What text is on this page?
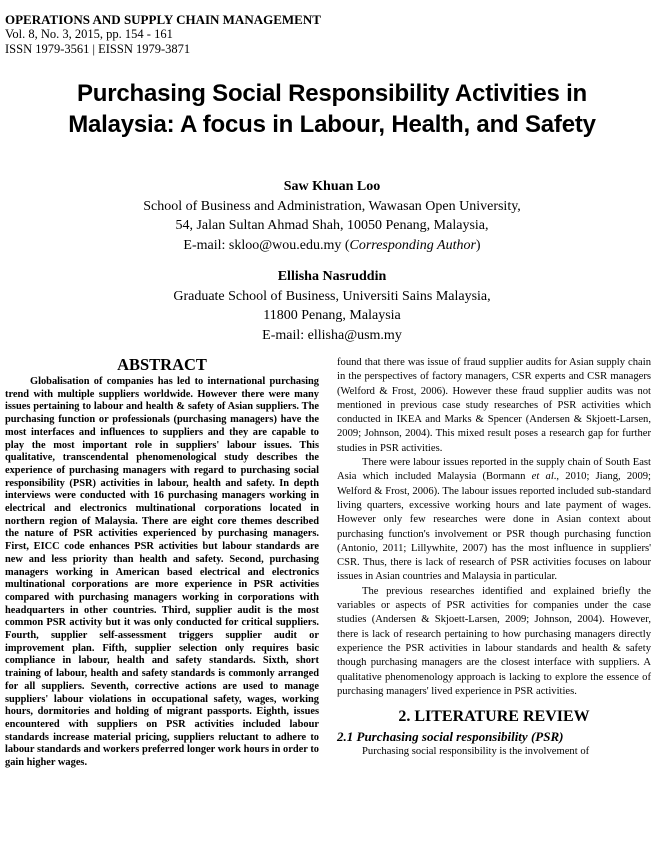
OPERATIONS AND SUPPLY CHAIN MANAGEMENT
Vol. 8, No. 3, 2015, pp. 154 - 161
ISSN 1979-3561 | EISSN 1979-3871
Purchasing Social Responsibility Activities in
Malaysia: A focus in Labour, Health, and Safety
Saw Khuan Loo
School of Business and Administration, Wawasan Open University,
54, Jalan Sultan Ahmad Shah, 10050 Penang, Malaysia,
E-mail: skloo@wou.edu.my (Corresponding Author)
Ellisha Nasruddin
Graduate School of Business, Universiti Sains Malaysia,
11800 Penang, Malaysia
E-mail: ellisha@usm.my
ABSTRACT

Globalisation of companies has led to international purchasing trend with multiple suppliers worldwide. However there were many issues pertaining to labour and health & safety of Asian suppliers. The purchasing function or professionals (purchasing managers) have the most interfaces and influences to suppliers and they are capable to play the most important role in suppliers' labour issues. This qualitative, transcendental phenomenological study describes the experience of purchasing managers with regard to purchasing social responsibility (PSR) activities in labour, health and safety. In depth interviews were conducted with 16 purchasing managers working in electrical and electronics multinational corporations located in northern region of Malaysia. There are eight core themes described the nature of PSR activities experienced by purchasing managers. First, EICC code enhances PSR activities but labour standards are new and less priority than health and safety. Second, purchasing managers working in American based electrical and electronics multinational corporations are more experience in PSR activities compared with purchasing managers working in corporations with headquarters in other countries. Third, supplier audit is the most common PSR activity but it was only conducted for critical suppliers. Fourth, supplier self-assessment triggers supplier audit or improvement plan. Fifth, supplier selection only requires basic compliance in labour, health and safety standards. Sixth, short training of labour, health and safety standards is commonly arranged for all suppliers. Seventh, corrective actions are used to manage suppliers' labour violations in occupational safety, wages, working hours, dormitories and holding of migrant passports. Eighth, issues encountered with suppliers on PSR activities included labour standards increase material pricing, suppliers reluctant to adhere to labour standards and workers preferred longer work hours in order to gain higher wages.

found that there was issue of fraud supplier audits for Asian supply chain in the perspectives of factory managers, CSR experts and CSR managers (Welford & Frost, 2006). However these fraud supplier audits was not mentioned in previous case study researches of PSR activities which conducted in IKEA and Marks & Spencer (Andersen & Skjoett-Larsen, 2009; Johnson, 2004). This mixed result poses a research gap for further studies in PSR activities.

There were labour issues reported in the supply chain of South East Asia which included Malaysia (Bormann et al., 2010; Jiang, 2009; Welford & Frost, 2006). The labour issues reported included sub-standard living quarters, excessive working hours and late payment of wages. However only few researches were done in Asian context about purchasing function's involvement or PSR though purchasing function (Antonio, 2011; Lillywhite, 2007) has the most influence in suppliers' CSR. Thus, there is lack of research of PSR activities focuses on labour issues in Asian countries and Malaysia in particular.

The previous researches identified and explained briefly the variables or aspects of PSR activities for companies under the case studies (Andersen & Skjoett-Larsen, 2009; Johnson, 2004). However, there is lack of research pertaining to how purchasing managers directly experience the PSR activities in labour standards and health & safety though purchasing managers are the closest interface with suppliers. A qualitative phenomenology approach is lacking to explore the essence of purchasing managers' lived experience in PSR activities.

2. LITERATURE REVIEW
2.1 Purchasing social responsibility (PSR)
Purchasing social responsibility is the involvement of
